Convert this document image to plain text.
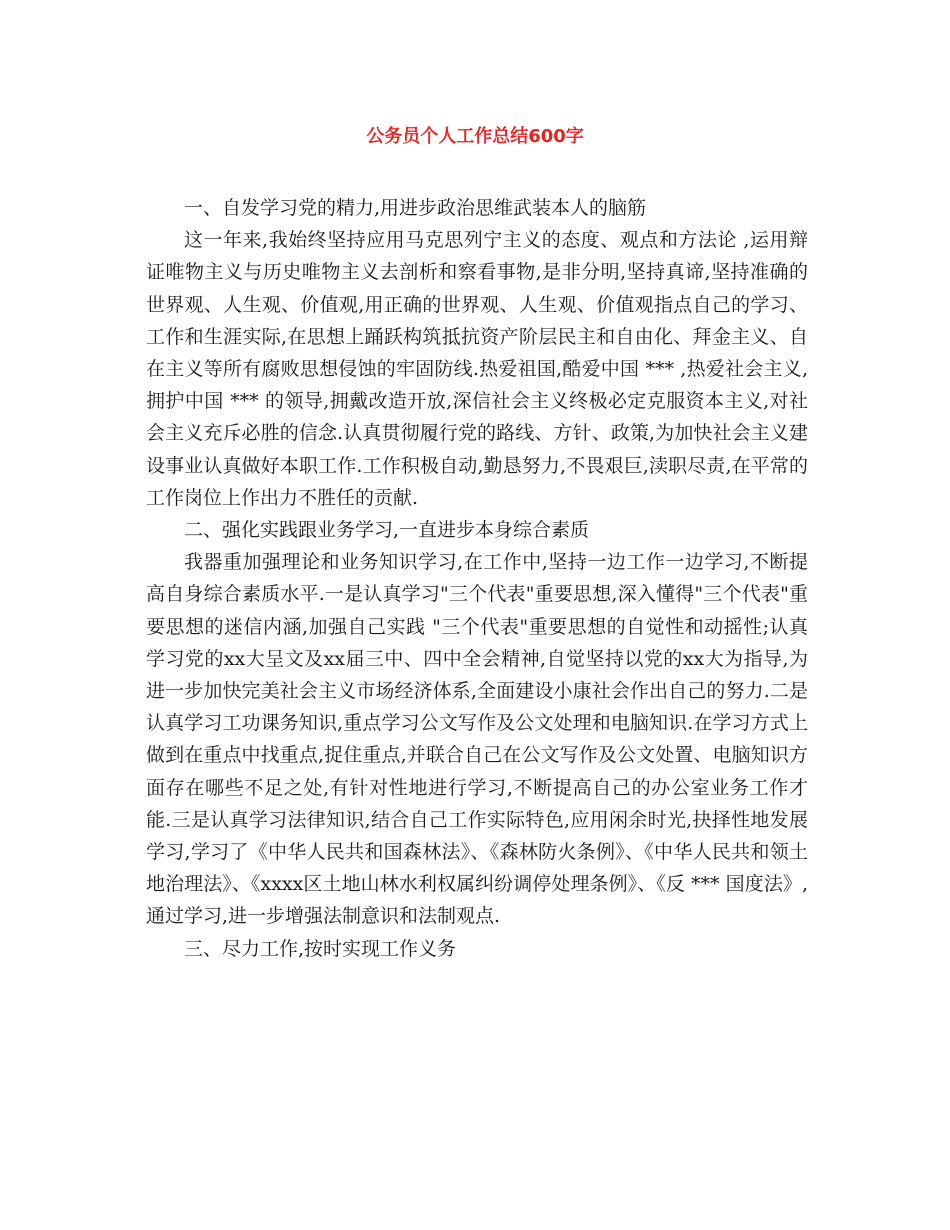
公务员个人工作总结600字

一、自发学习党的精力,用进步政治思维武装本人的脑筋

这一年来,我始终坚持应用马克思列宁主义的态度、观点和方法论 ,运用辩证唯物主义与历史唯物主义去剖析和察看事物,是非分明,坚持真谛,坚持准确的世界观、人生观、价值观,用正确的世界观、人生观、价值观指点自己的学习、工作和生涯实际,在思想上踊跃构筑抵抗资产阶层民主和自由化、拜金主义、自在主义等所有腐败思想侵蚀的牢固防线.热爱祖国,酷爱中国 *** ,热爱社会主义,拥护中国 *** 的领导,拥戴改造开放,深信社会主义终极必定克服资本主义,对社会主义充斥必胜的信念.认真贯彻履行党的路线、方针、政策,为加快社会主义建设事业认真做好本职工作.工作积极自动,勤恳努力,不畏艰巨,渎职尽责,在平常的工作岗位上作出力不胜任的贡献.

二、强化实践跟业务学习,一直进步本身综合素质

我器重加强理论和业务知识学习,在工作中,坚持一边工作一边学习,不断提高自身综合素质水平.一是认真学习"三个代表"重要思想,深入懂得"三个代表"重要思想的迷信内涵,加强自己实践 "三个代表"重要思想的自觉性和动摇性;认真学习党的xx大呈文及xx届三中、四中全会精神,自觉坚持以党的xx大为指导,为进一步加快完美社会主义市场经济体系,全面建设小康社会作出自己的努力.二是认真学习工功课务知识,重点学习公文写作及公文处理和电脑知识.在学习方式上做到在重点中找重点,捉住重点,并联合自己在公文写作及公文处置、电脑知识方面存在哪些不足之处,有针对性地进行学习,不断提高自己的办公室业务工作才能.三是认真学习法律知识,结合自己工作实际特色,应用闲余时光,抉择性地发展学习,学习了《中华人民共和国森林法》、《森林防火条例》、《中华人民共和领土地治理法》、《xxxx区土地山林水利权属纠纷调停处理条例》、《反 *** 国度法》,通过学习,进一步增强法制意识和法制观点.

三、尽力工作,按时实现工作义务
